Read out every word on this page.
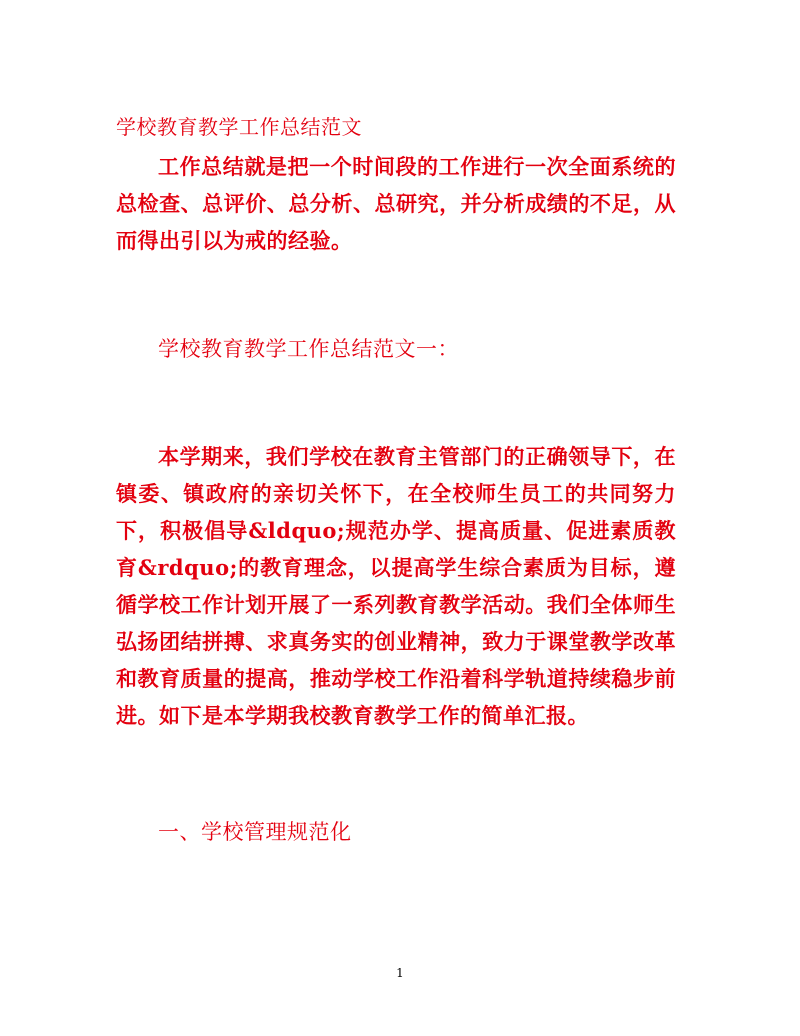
学校教育教学工作总结范文

工作总结就是把一个时间段的工作进行一次全面系统的总检查、总评价、总分析、总研究，并分析成绩的不足，从而得出引以为戒的经验。

学校教育教学工作总结范文一：

本学期来，我们学校在教育主管部门的正确领导下，在镇委、镇政府的亲切关怀下，在全校师生员工的共同努力下，积极倡导&ldquo;规范办学、提高质量、促进素质教育&rdquo;的教育理念，以提高学生综合素质为目标，遵循学校工作计划开展了一系列教育教学活动。我们全体师生弘扬团结拼搏、求真务实的创业精神，致力于课堂教学改革和教育质量的提高，推动学校工作沿着科学轨道持续稳步前进。如下是本学期我校教育教学工作的简单汇报。

一、学校管理规范化

1
